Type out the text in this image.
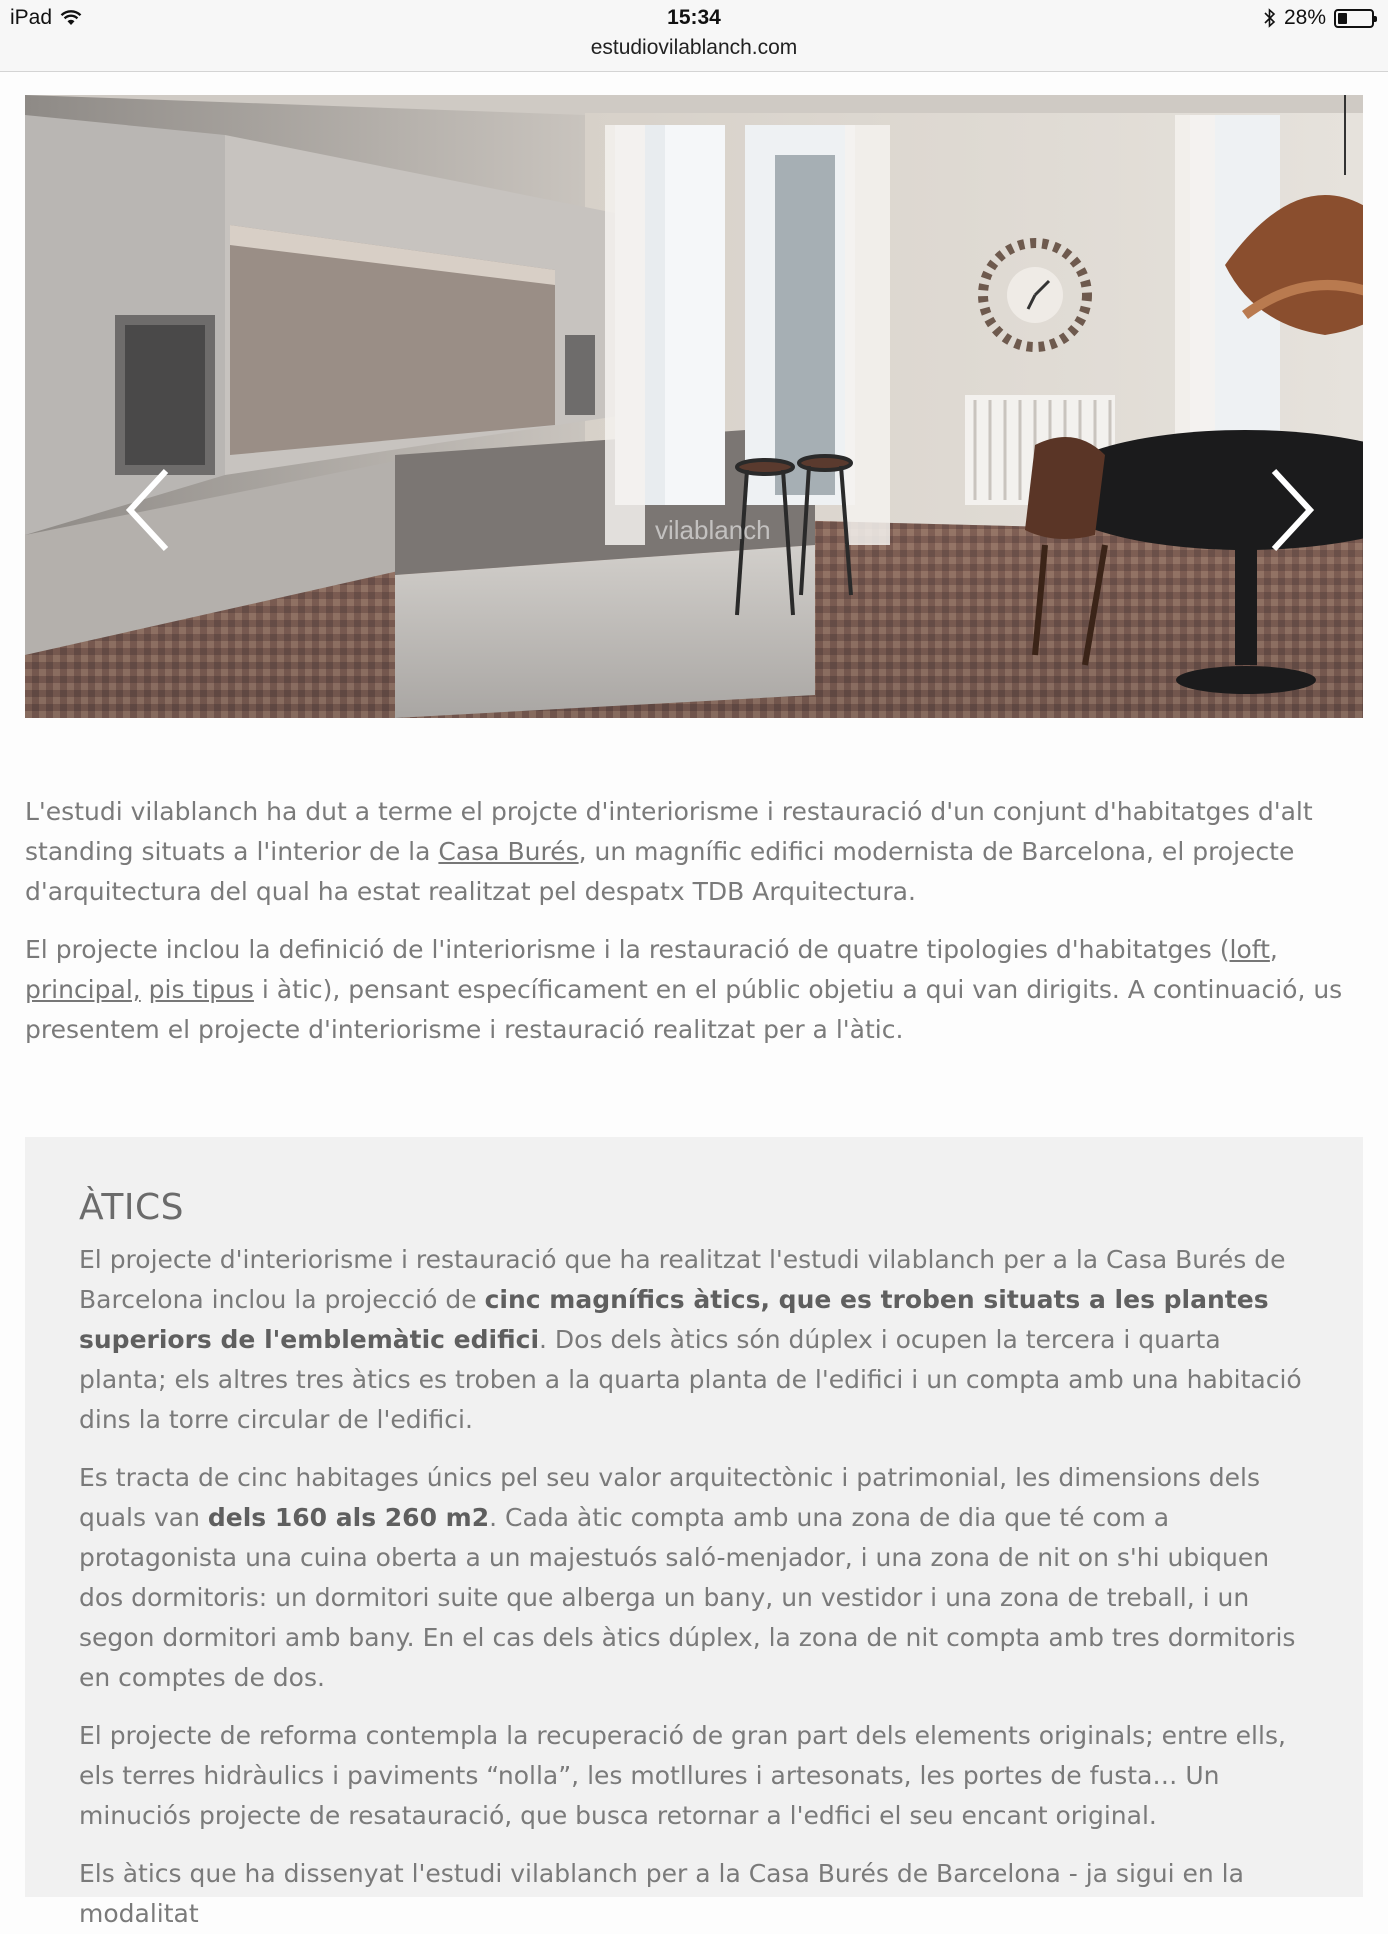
iPad	15:34	28%
estudiovilablanch.com
vilablanch

L'estudi vilablanch ha dut a terme el projcte d'interiorisme i restauració d'un conjunt d'habitatges d'alt standing situats a l'interior de la Casa Burés, un magníﬁc ediﬁci modernista de Barcelona, el projecte d'arquitectura del qual ha estat realitzat pel despatx TDB Arquitectura.

El projecte inclou la deﬁnició de l'interiorisme i la restauració de quatre tipologies d'habitatges (loft, principal, pis tipus i àtic), pensant especíﬁcament en el públic objetiu a qui van dirigits. A continuació, us presentem el projecte d'interiorisme i restauració realitzat per a l'àtic.

ÀTICS

El projecte d'interiorisme i restauració que ha realitzat l'estudi vilablanch per a la Casa Burés de Barcelona inclou la projecció de cinc magníﬁcs àtics, que es troben situats a les plantes superiors de l'emblemàtic ediﬁci. Dos dels àtics són dúplex i ocupen la tercera i quarta planta; els altres tres àtics es troben a la quarta planta de l'ediﬁci i un compta amb una habitació dins la torre circular de l'ediﬁci.

Es tracta de cinc habitages únics pel seu valor arquitectònic i patrimonial, les dimensions dels quals van dels 160 als 260 m2. Cada àtic compta amb una zona de dia que té com a protagonista una cuina oberta a un majestuós saló-menjador, i una zona de nit on s'hi ubiquen dos dormitoris: un dormitori suite que alberga un bany, un vestidor i una zona de treball, i un segon dormitori amb bany. En el cas dels àtics dúplex, la zona de nit compta amb tres dormitoris en comptes de dos.

El projecte de reforma contempla la recuperació de gran part dels elements originals; entre ells, els terres hidràulics i paviments “nolla”, les motllures i artesonats, les portes de fusta… Un minuciós projecte de resatauració, que busca retornar a l'edﬁci el seu encant original.

Els àtics que ha dissenyat l'estudi vilablanch per a la Casa Burés de Barcelona - ja sigui en la modalitat
